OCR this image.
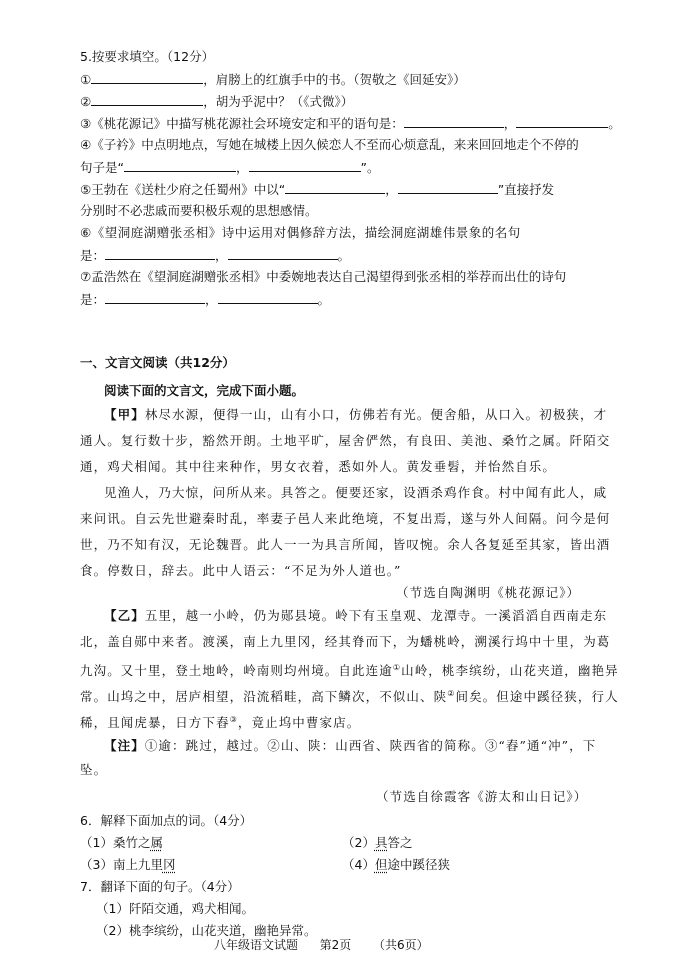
5.按要求填空。（12分）
①	，肩膀上的红旗手中的书。（贺敬之《回延安》）
②	，胡为乎泥中？（《式微》）
③《桃花源记》中描写桃花源社会环境安定和平的语句是：	，	。
④《子衿》中点明地点，写她在城楼上因久候恋人不至而心烦意乱，来来回回地走个不停的
句子是“	，	”。
⑤王勃在《送杜少府之任蜀州》中以“	，	”直接抒发
分别时不必悲戚而要积极乐观的思想感情。
⑥《望洞庭湖赠张丞相》诗中运用对偶修辞方法，描绘洞庭湖雄伟景象的名句
是：	，	。
⑦孟浩然在《望洞庭湖赠张丞相》中委婉地表达自己渴望得到张丞相的举荐而出仕的诗句
是：	，	。
一、文言文阅读（共12分）
阅读下面的文言文，完成下面小题。
【甲】林尽水源，便得一山，山有小口，仿佛若有光。便舍船，从口入。初极狭，才
通人。复行数十步，豁然开朗。土地平旷，屋舍俨然，有良田、美池、桑竹之属。阡陌交
通，鸡犬相闻。其中往来种作，男女衣着，悉如外人。黄发垂髫，并怡然自乐。
见渔人，乃大惊，问所从来。具答之。便要还家，设酒杀鸡作食。村中闻有此人，咸
来问讯。自云先世避秦时乱，率妻子邑人来此绝境，不复出焉，遂与外人间隔。问今是何
世，乃不知有汉，无论魏晋。此人一一为具言所闻，皆叹惋。余人各复延至其家，皆出酒
食。停数日，辞去。此中人语云：“不足为外人道也。”
（节选自陶渊明《桃花源记》）
【乙】五里，越一小岭，仍为郧县境。岭下有玉皇观、龙潭寺。一溪滔滔自西南走东
北，盖自郧中来者。渡溪，南上九里冈，经其脊而下，为蟠桃岭，溯溪行坞中十里，为葛
九沟。又十里，登土地岭，岭南则均州境。自此连逾①山岭，桃李缤纷，山花夹道，幽艳异
常。山坞之中，居庐相望，沿流稻畦，高下鳞次，不似山、陕②间矣。但途中蹊径狭，行人
稀，且闻虎暴，日方下舂③，竟止坞中曹家店。
【注】①逾：跳过，越过。②山、陕：山西省、陕西省的简称。③“舂”通“冲”，下
坠。
（节选自徐霞客《游太和山日记》）
6．解释下面加点的词。（4分）
（1）桑竹之属	（2）具答之
（3）南上九里冈	（4）但途中蹊径狭
7．翻译下面的句子。（4分）
（1）阡陌交通，鸡犬相闻。
（2）桃李缤纷，山花夹道，幽艳异常。
八年级语文试题 第2页 （共6页）
